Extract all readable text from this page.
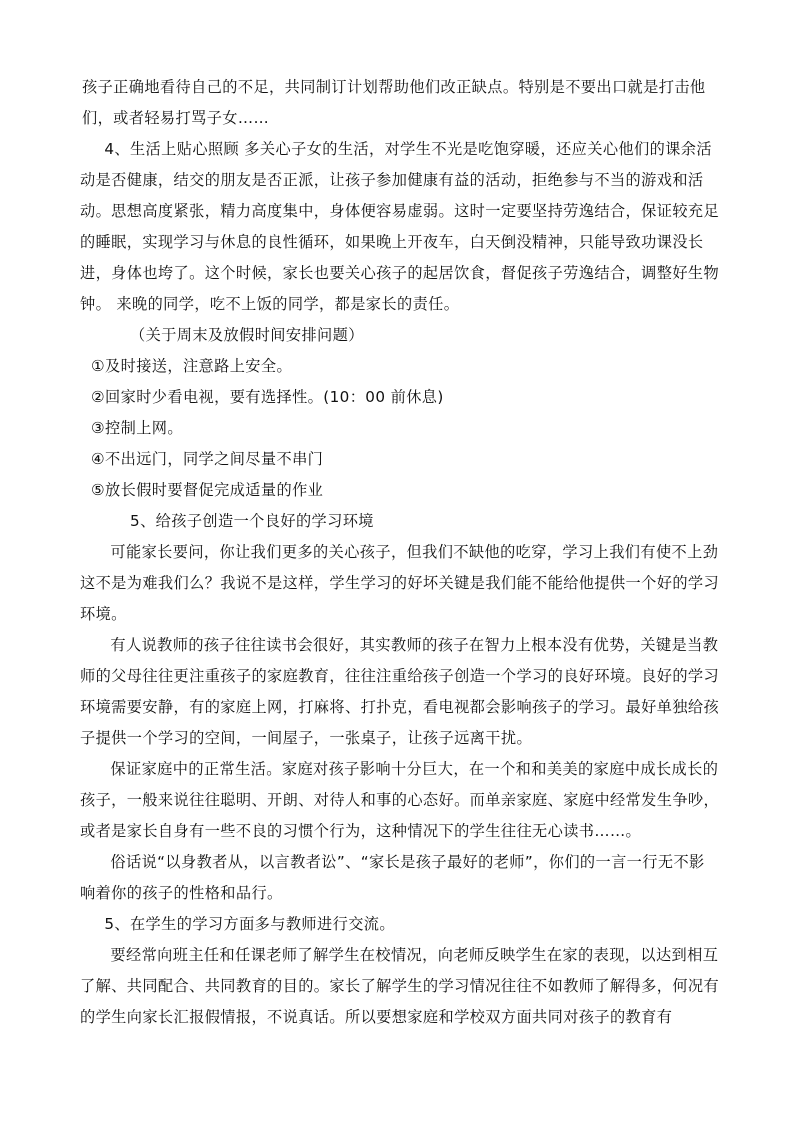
孩子正确地看待自己的不足，共同制订计划帮助他们改正缺点。特别是不要出口就是打击他们，或者轻易打骂子女……

4、生活上贴心照顾 多关心子女的生活，对学生不光是吃饱穿暖，还应关心他们的课余活动是否健康，结交的朋友是否正派，让孩子参加健康有益的活动，拒绝参与不当的游戏和活动。思想高度紧张，精力高度集中，身体便容易虚弱。这时一定要坚持劳逸结合，保证较充足的睡眠，实现学习与休息的良性循环，如果晚上开夜车，白天倒没精神，只能导致功课没长进，身体也垮了。这个时候，家长也要关心孩子的起居饮食，督促孩子劳逸结合，调整好生物钟。 来晚的同学，吃不上饭的同学，都是家长的责任。

（关于周末及放假时间安排问题）

①及时接送，注意路上安全。

②回家时少看电视，要有选择性。(10：00 前休息)

③控制上网。

④不出远门，同学之间尽量不串门

⑤放长假时要督促完成适量的作业

5、给孩子创造一个良好的学习环境

可能家长要问，你让我们更多的关心孩子，但我们不缺他的吃穿，学习上我们有使不上劲这不是为难我们么？我说不是这样，学生学习的好坏关键是我们能不能给他提供一个好的学习环境。

有人说教师的孩子往往读书会很好，其实教师的孩子在智力上根本没有优势，关键是当教师的父母往往更注重孩子的家庭教育，往往注重给孩子创造一个学习的良好环境。良好的学习环境需要安静，有的家庭上网，打麻将、打扑克，看电视都会影响孩子的学习。最好单独给孩子提供一个学习的空间，一间屋子，一张桌子，让孩子远离干扰。

保证家庭中的正常生活。家庭对孩子影响十分巨大，在一个和和美美的家庭中成长成长的孩子，一般来说往往聪明、开朗、对待人和事的心态好。而单亲家庭、家庭中经常发生争吵，或者是家长自身有一些不良的习惯个行为，这种情况下的学生往往无心读书……。

俗话说“以身教者从，以言教者讼”、“家长是孩子最好的老师”，你们的一言一行无不影响着你的孩子的性格和品行。

5、在学生的学习方面多与教师进行交流。

要经常向班主任和任课老师了解学生在校情况，向老师反映学生在家的表现，以达到相互了解、共同配合、共同教育的目的。家长了解学生的学习情况往往不如教师了解得多，何况有的学生向家长汇报假情报，不说真话。所以要想家庭和学校双方面共同对孩子的教育有
